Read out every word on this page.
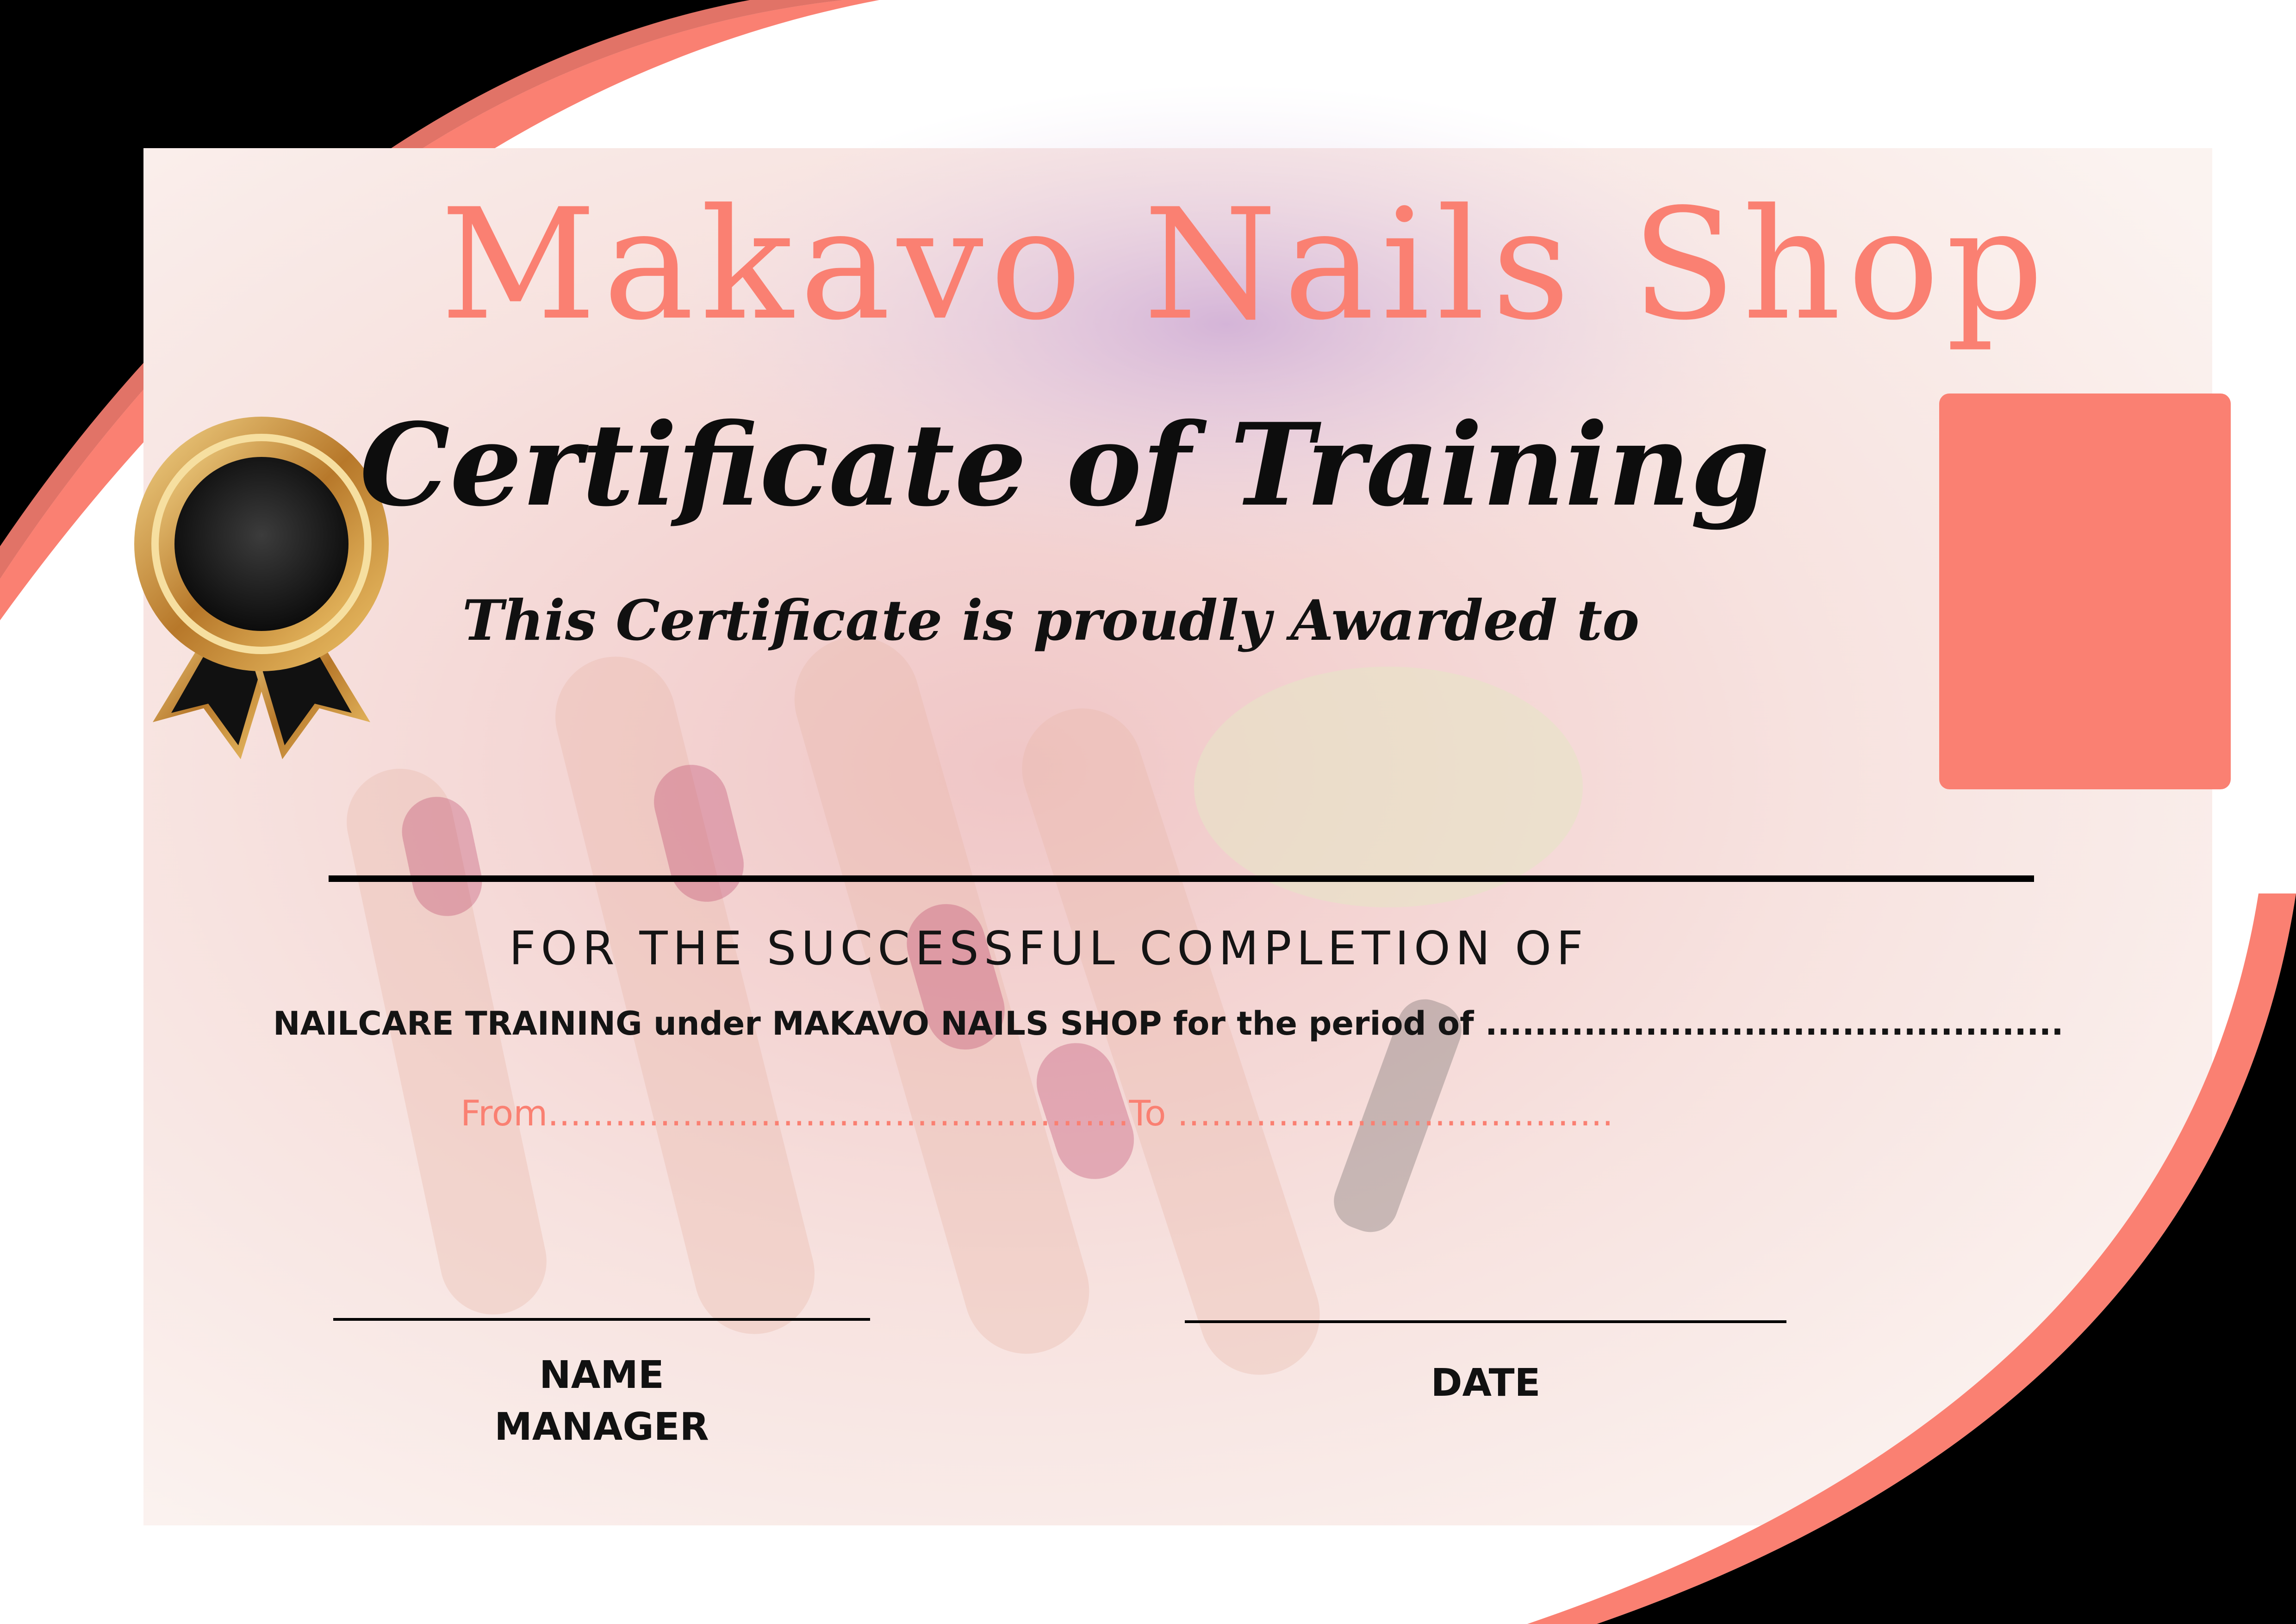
Makavo Nails Shop

Certificate of Training

This Certificate is proudly Awarded to

FOR THE SUCCESSFUL COMPLETION OF

NAILCARE TRAINING under MAKAVO NAILS SHOP for the period of ...............................................

From....................................................To .......................................

NAME
MANAGER

DATE
